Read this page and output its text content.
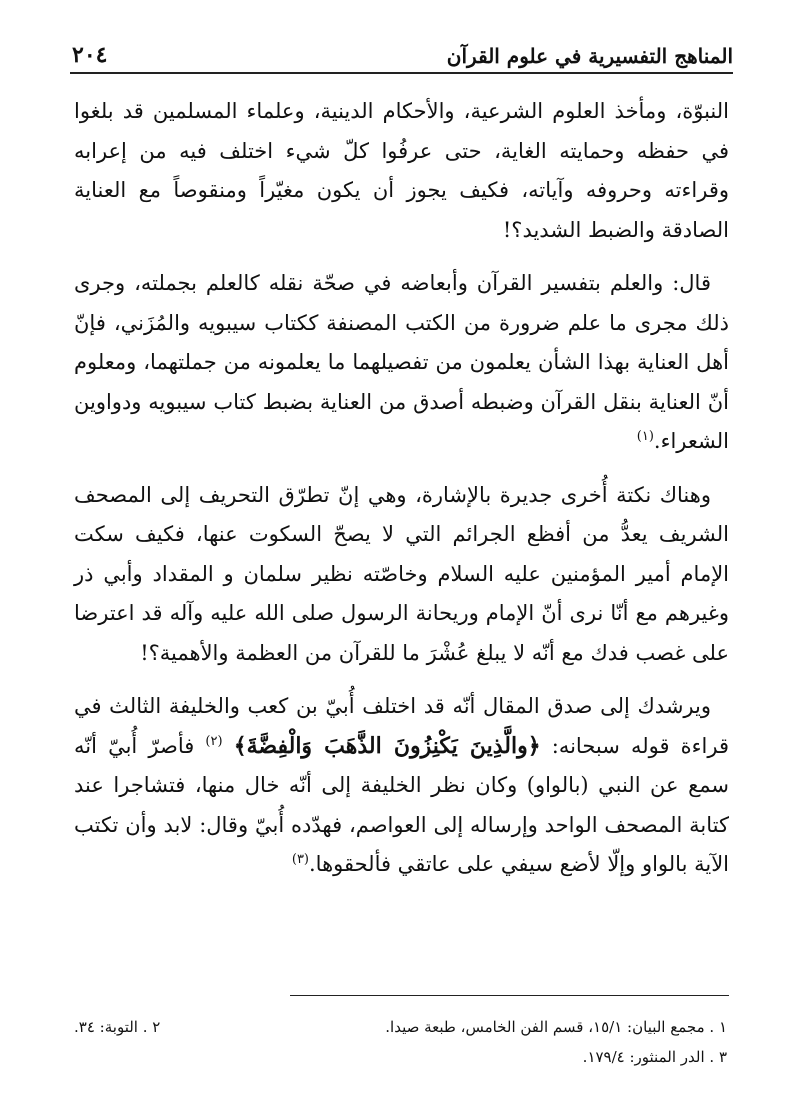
المناهج التفسيرية في علوم القرآن
٢٠٤

النبوّة، ومأخذ العلوم الشرعية، والأحكام الدينية، وعلماء المسلمين قد بلغوا في حفظه وحمايته الغاية، حتى عرفُوا كلّ شيء اختلف فيه من إعرابه وقراءته وحروفه وآياته، فكيف يجوز أن يكون مغيّراً ومنقوصاً مع العناية الصادقة والضبط الشديد؟!

قال: والعلم بتفسير القرآن وأبعاضه في صحّة نقله كالعلم بجملته، وجرى ذلك مجرى ما علم ضرورة من الكتب المصنفة ككتاب سيبويه والمُزَني، فإنّ أهل العناية بهذا الشأن يعلمون من تفصيلهما ما يعلمونه من جملتهما، ومعلوم أنّ العناية بنقل القرآن وضبطه أصدق من العناية بضبط كتاب سيبويه ودواوين الشعراء.$^{(١)}$

وهناك نكتة أُخرى جديرة بالإشارة، وهي إنّ تطرّق التحريف إلى المصحف الشريف يعدُّ من أفظع الجرائم التي لا يصحّ السكوت عنها، فكيف سكت الإمام أمير المؤمنين عليه السلام وخاصّته نظير سلمان و المقداد وأبي ذر وغيرهم مع أنّا نرى أنّ الإمام وريحانة الرسول صلى الله عليه وآله قد اعترضا على غصب فدك مع أنّه لا يبلغ عُشْرَ ما للقرآن من العظمة والأهمية؟!

ويرشدك إلى صدق المقال أنّه قد اختلف أُبيّ بن كعب والخليفة الثالث في قراءة قوله سبحانه: ﴿والَّذِينَ يَكْنِزُونَ الذَّهَبَ وَالْفِضَّةَ﴾ $^{(٢)}$ فأصرّ أُبيّ أنّه سمع عن النبي (بالواو) وكان نظر الخليفة إلى أنّه خال منها، فتشاجرا عند كتابة المصحف الواحد وإرساله إلى العواصم، فهدّده أُبيّ وقال: لابد وأن تكتب الآية بالواو وإلّا لأضع سيفي على عاتقي فألحقوها.$^{(٣)}$

١ . مجمع البيان: ١٥/١، قسم الفن الخامس، طبعة صيدا.
٢ . التوبة: ٣٤.
٣ . الدر المنثور: ١٧٩/٤.
